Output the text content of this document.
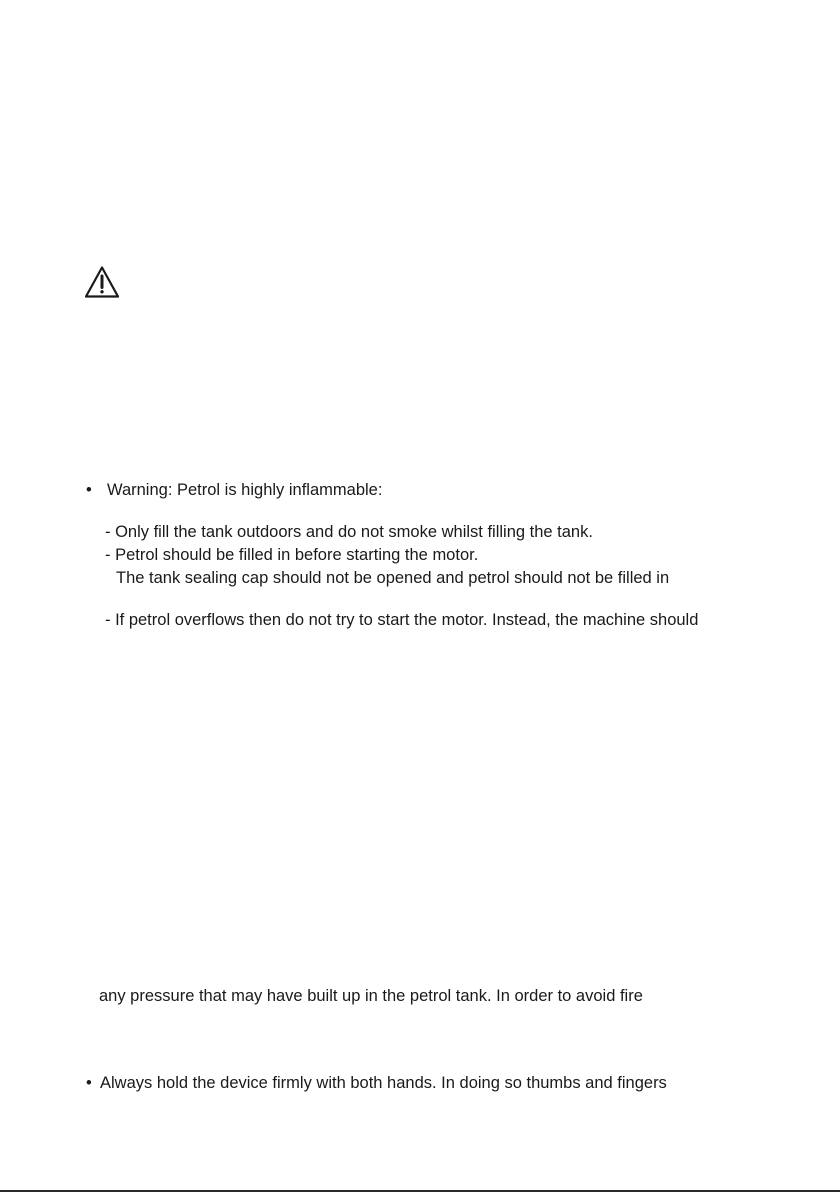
• Warning: Petrol is highly inflammable:
- Only fill the tank outdoors and do not smoke whilst filling the tank.
- Petrol should be filled in before starting the motor.
The tank sealing cap should not be opened and petrol should not be filled in
- If petrol overflows then do not try to start the motor. Instead, the machine should
any pressure that may have built up in the petrol tank. In order to avoid fire
• Always hold the device firmly with both hands. In doing so thumbs and fingers
